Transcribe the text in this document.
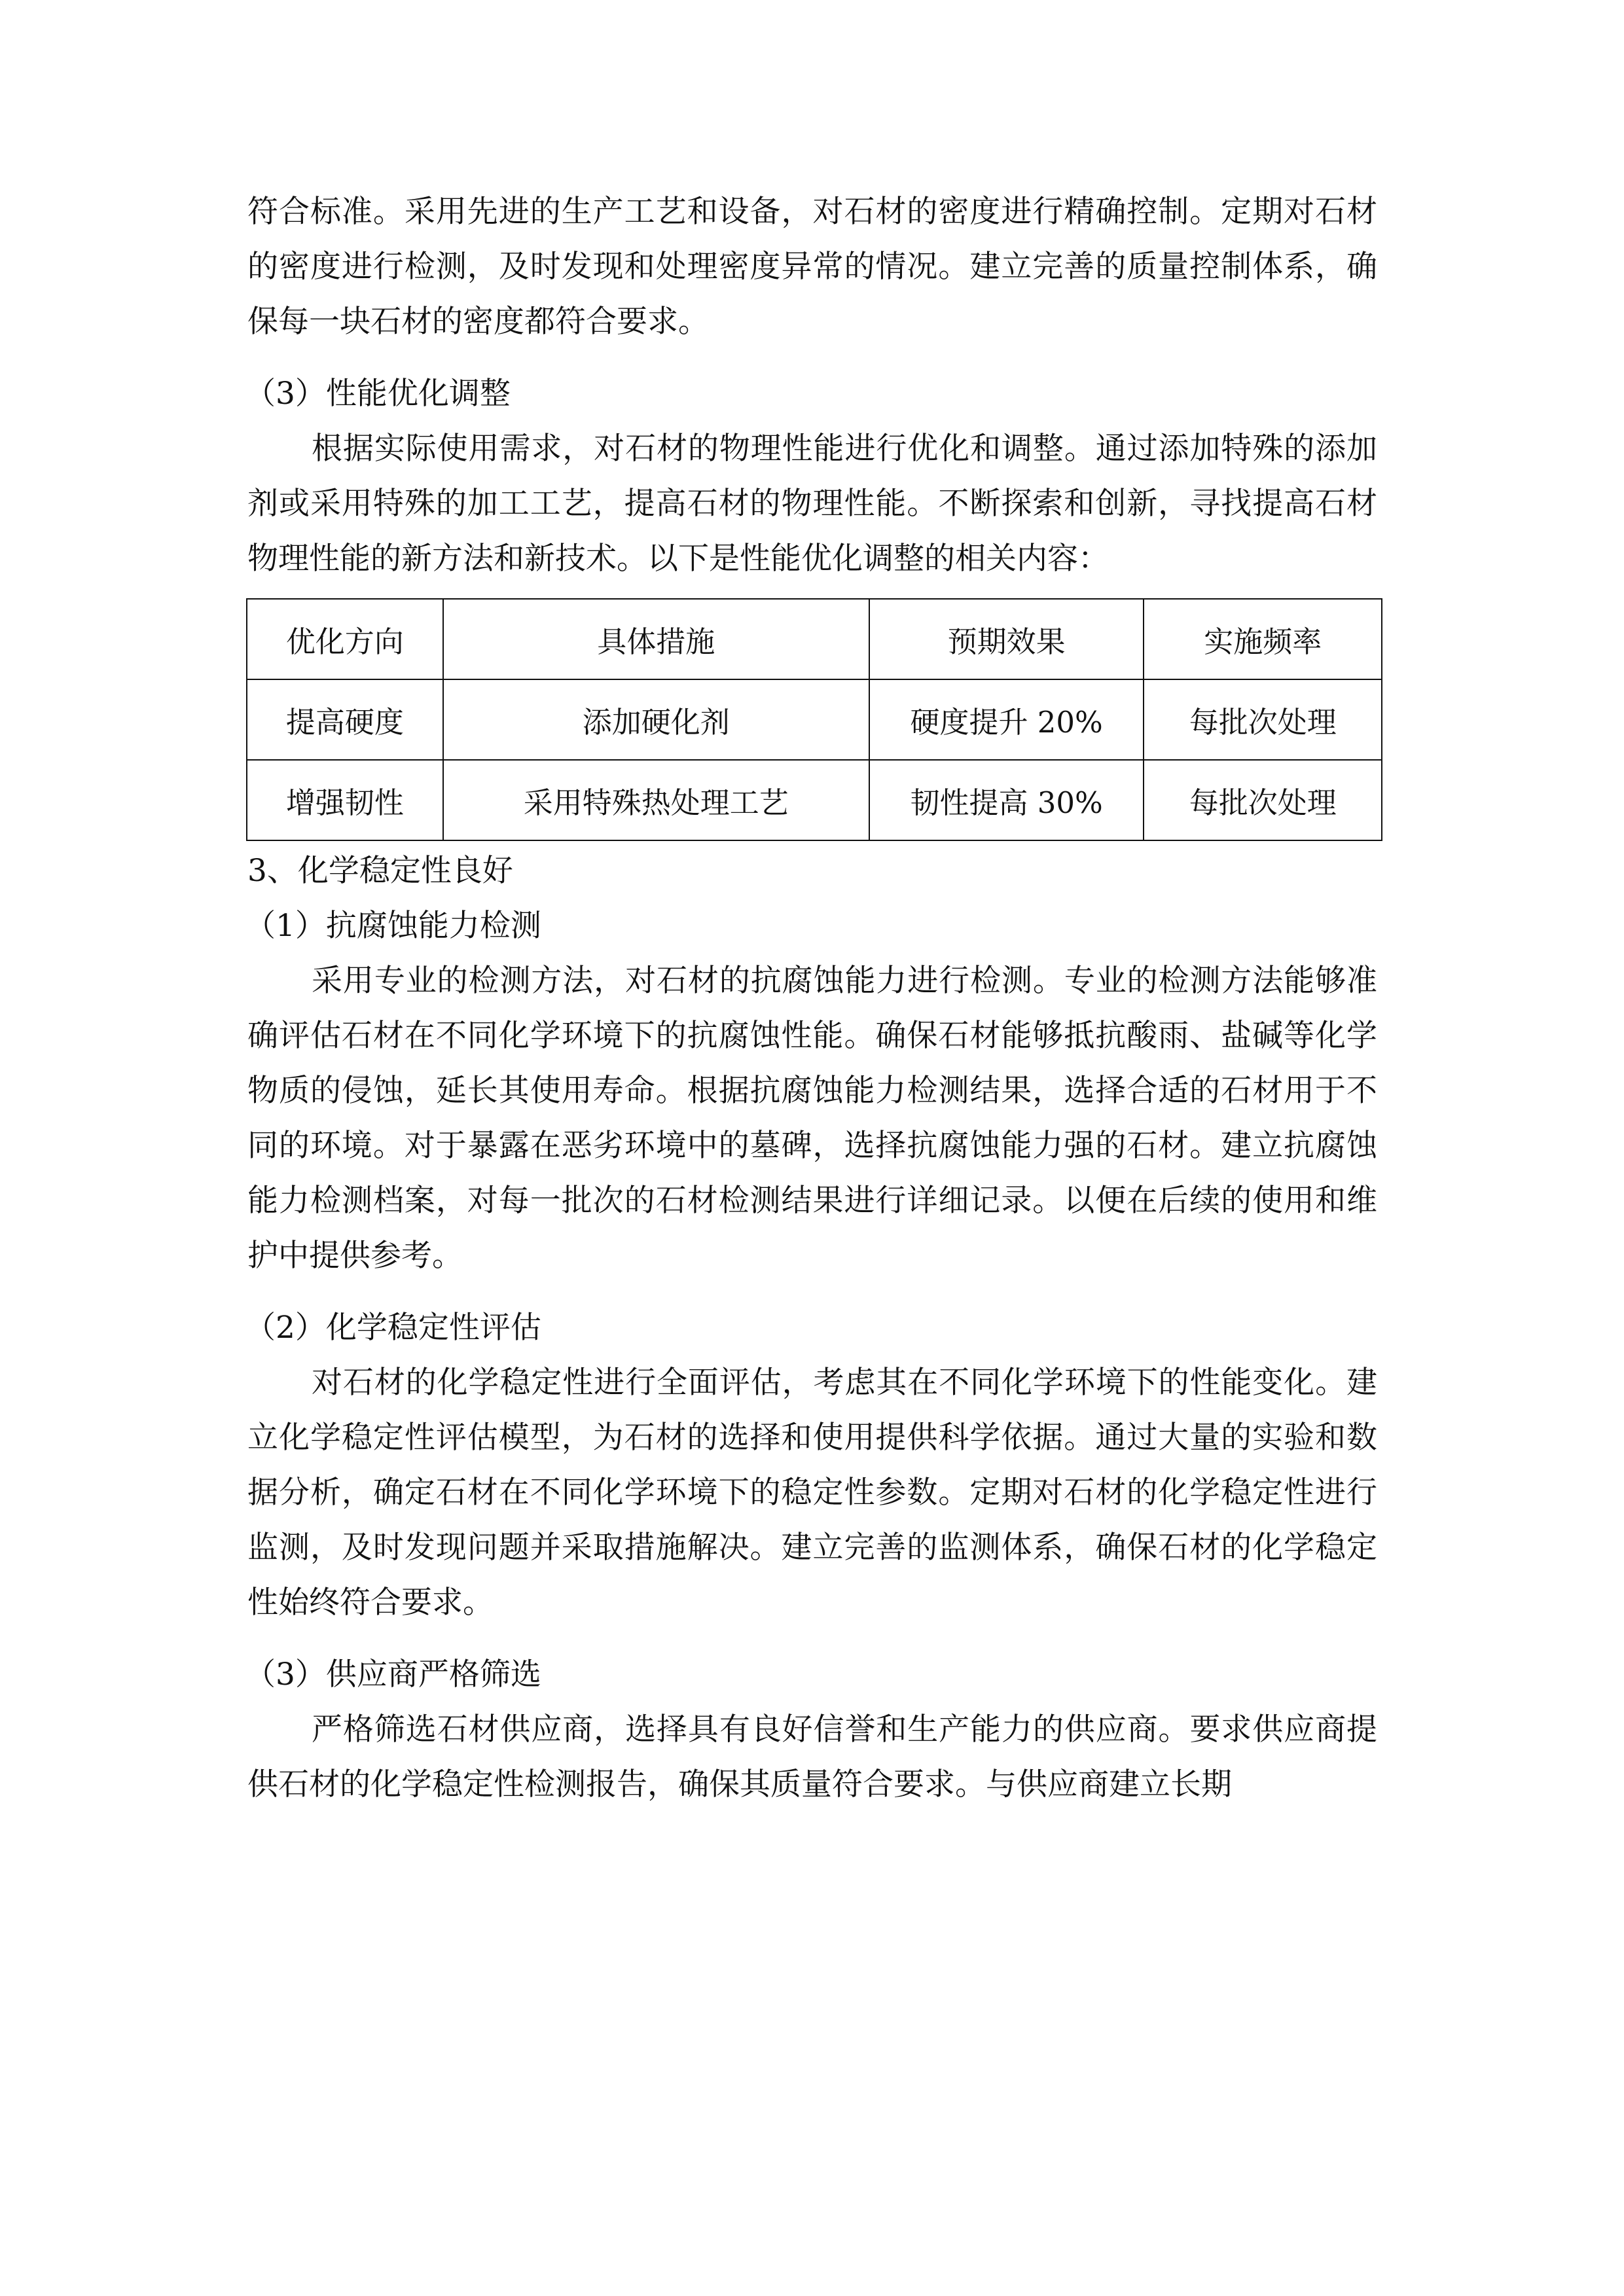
符合标准。采用先进的生产工艺和设备，对石材的密度进行精确控制。定期对石材的密度进行检测，及时发现和处理密度异常的情况。建立完善的质量控制体系，确保每一块石材的密度都符合要求。

（3）性能优化调整

根据实际使用需求，对石材的物理性能进行优化和调整。通过添加特殊的添加剂或采用特殊的加工工艺，提高石材的物理性能。不断探索和创新，寻找提高石材物理性能的新方法和新技术。以下是性能优化调整的相关内容：

优化方向	具体措施	预期效果	实施频率
提高硬度	添加硬化剂	硬度提升 20%	每批次处理
增强韧性	采用特殊热处理工艺	韧性提高 30%	每批次处理

3、化学稳定性良好

（1）抗腐蚀能力检测

采用专业的检测方法，对石材的抗腐蚀能力进行检测。专业的检测方法能够准确评估石材在不同化学环境下的抗腐蚀性能。确保石材能够抵抗酸雨、盐碱等化学物质的侵蚀，延长其使用寿命。根据抗腐蚀能力检测结果，选择合适的石材用于不同的环境。对于暴露在恶劣环境中的墓碑，选择抗腐蚀能力强的石材。建立抗腐蚀能力检测档案，对每一批次的石材检测结果进行详细记录。以便在后续的使用和维护中提供参考。

（2）化学稳定性评估

对石材的化学稳定性进行全面评估，考虑其在不同化学环境下的性能变化。建立化学稳定性评估模型，为石材的选择和使用提供科学依据。通过大量的实验和数据分析，确定石材在不同化学环境下的稳定性参数。定期对石材的化学稳定性进行监测，及时发现问题并采取措施解决。建立完善的监测体系，确保石材的化学稳定性始终符合要求。

（3）供应商严格筛选

严格筛选石材供应商，选择具有良好信誉和生产能力的供应商。要求供应商提供石材的化学稳定性检测报告，确保其质量符合要求。与供应商建立长期
